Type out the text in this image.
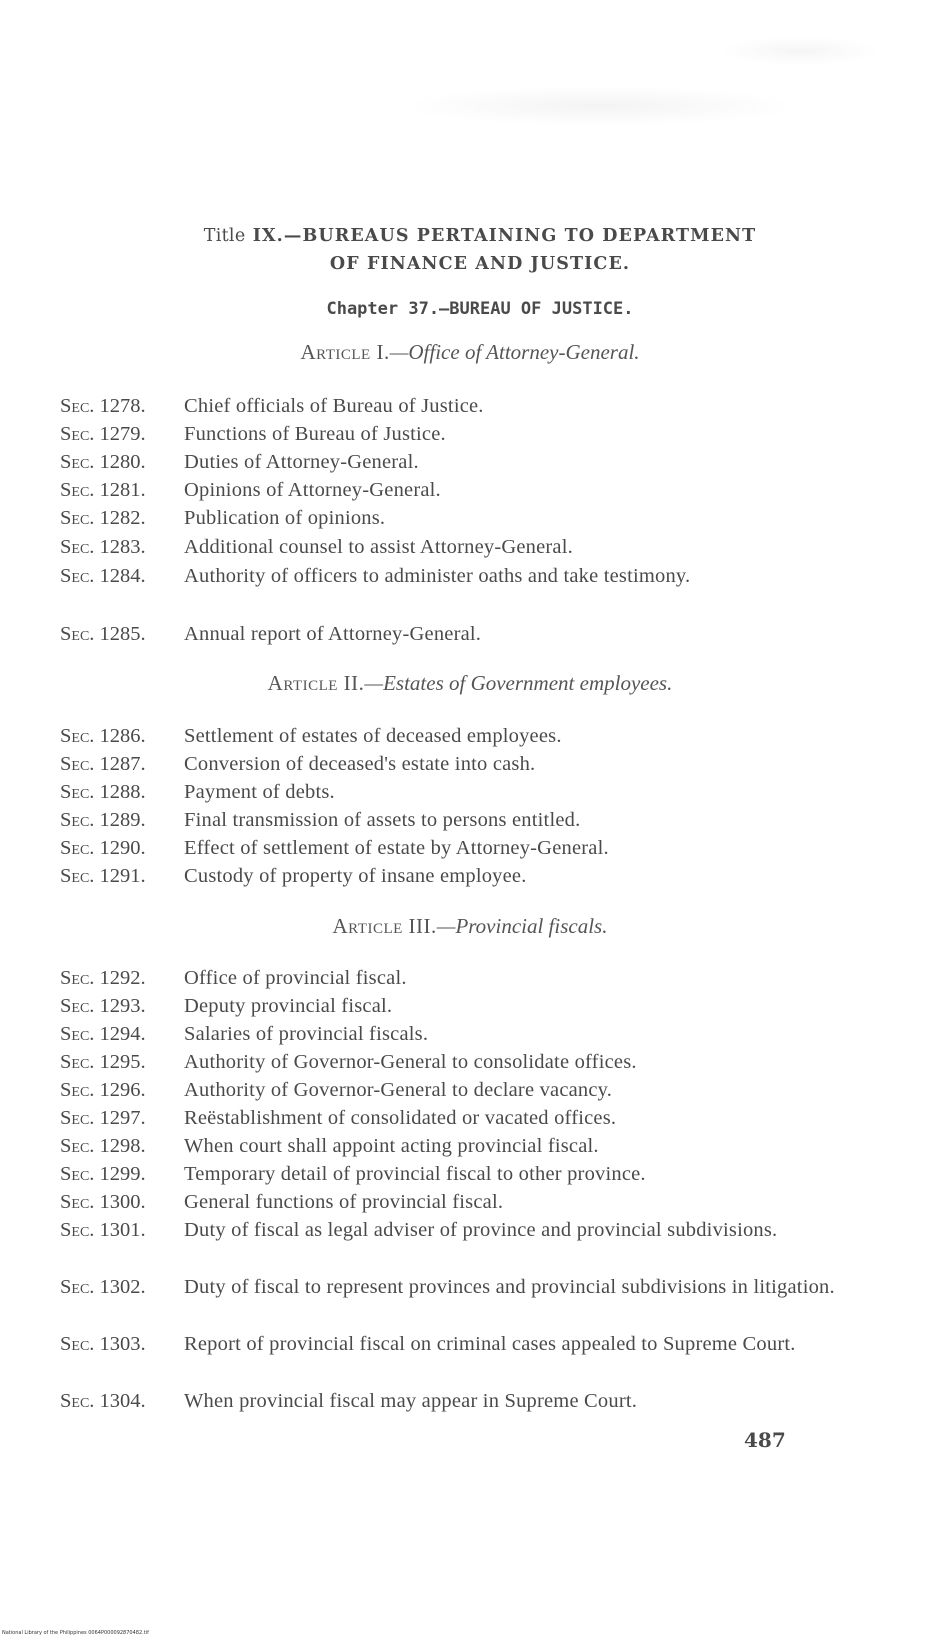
Title IX.—BUREAUS PERTAINING TO DEPARTMENT
OF FINANCE AND JUSTICE.
Chapter 37.—BUREAU OF JUSTICE.
Article I.—Office of Attorney-General.
Sec. 1278. Chief officials of Bureau of Justice.
Sec. 1279. Functions of Bureau of Justice.
Sec. 1280. Duties of Attorney-General.
Sec. 1281. Opinions of Attorney-General.
Sec. 1282. Publication of opinions.
Sec. 1283. Additional counsel to assist Attorney-General.
Sec. 1284. Authority of officers to administer oaths and take testimony.
Sec. 1285. Annual report of Attorney-General.
Article II.—Estates of Government employees.
Sec. 1286. Settlement of estates of deceased employees.
Sec. 1287. Conversion of deceased's estate into cash.
Sec. 1288. Payment of debts.
Sec. 1289. Final transmission of assets to persons entitled.
Sec. 1290. Effect of settlement of estate by Attorney-General.
Sec. 1291. Custody of property of insane employee.
Article III.—Provincial fiscals.
Sec. 1292. Office of provincial fiscal.
Sec. 1293. Deputy provincial fiscal.
Sec. 1294. Salaries of provincial fiscals.
Sec. 1295. Authority of Governor-General to consolidate offices.
Sec. 1296. Authority of Governor-General to declare vacancy.
Sec. 1297. Reëstablishment of consolidated or vacated offices.
Sec. 1298. When court shall appoint acting provincial fiscal.
Sec. 1299. Temporary detail of provincial fiscal to other province.
Sec. 1300. General functions of provincial fiscal.
Sec. 1301. Duty of fiscal as legal adviser of province and provincial subdivisions.
Sec. 1302. Duty of fiscal to represent provinces and provincial subdivisions in litigation.
Sec. 1303. Report of provincial fiscal on criminal cases appealed to Supreme Court.
Sec. 1304. When provincial fiscal may appear in Supreme Court.
487
National Library of the Philippines 0064P000092870482.tif
